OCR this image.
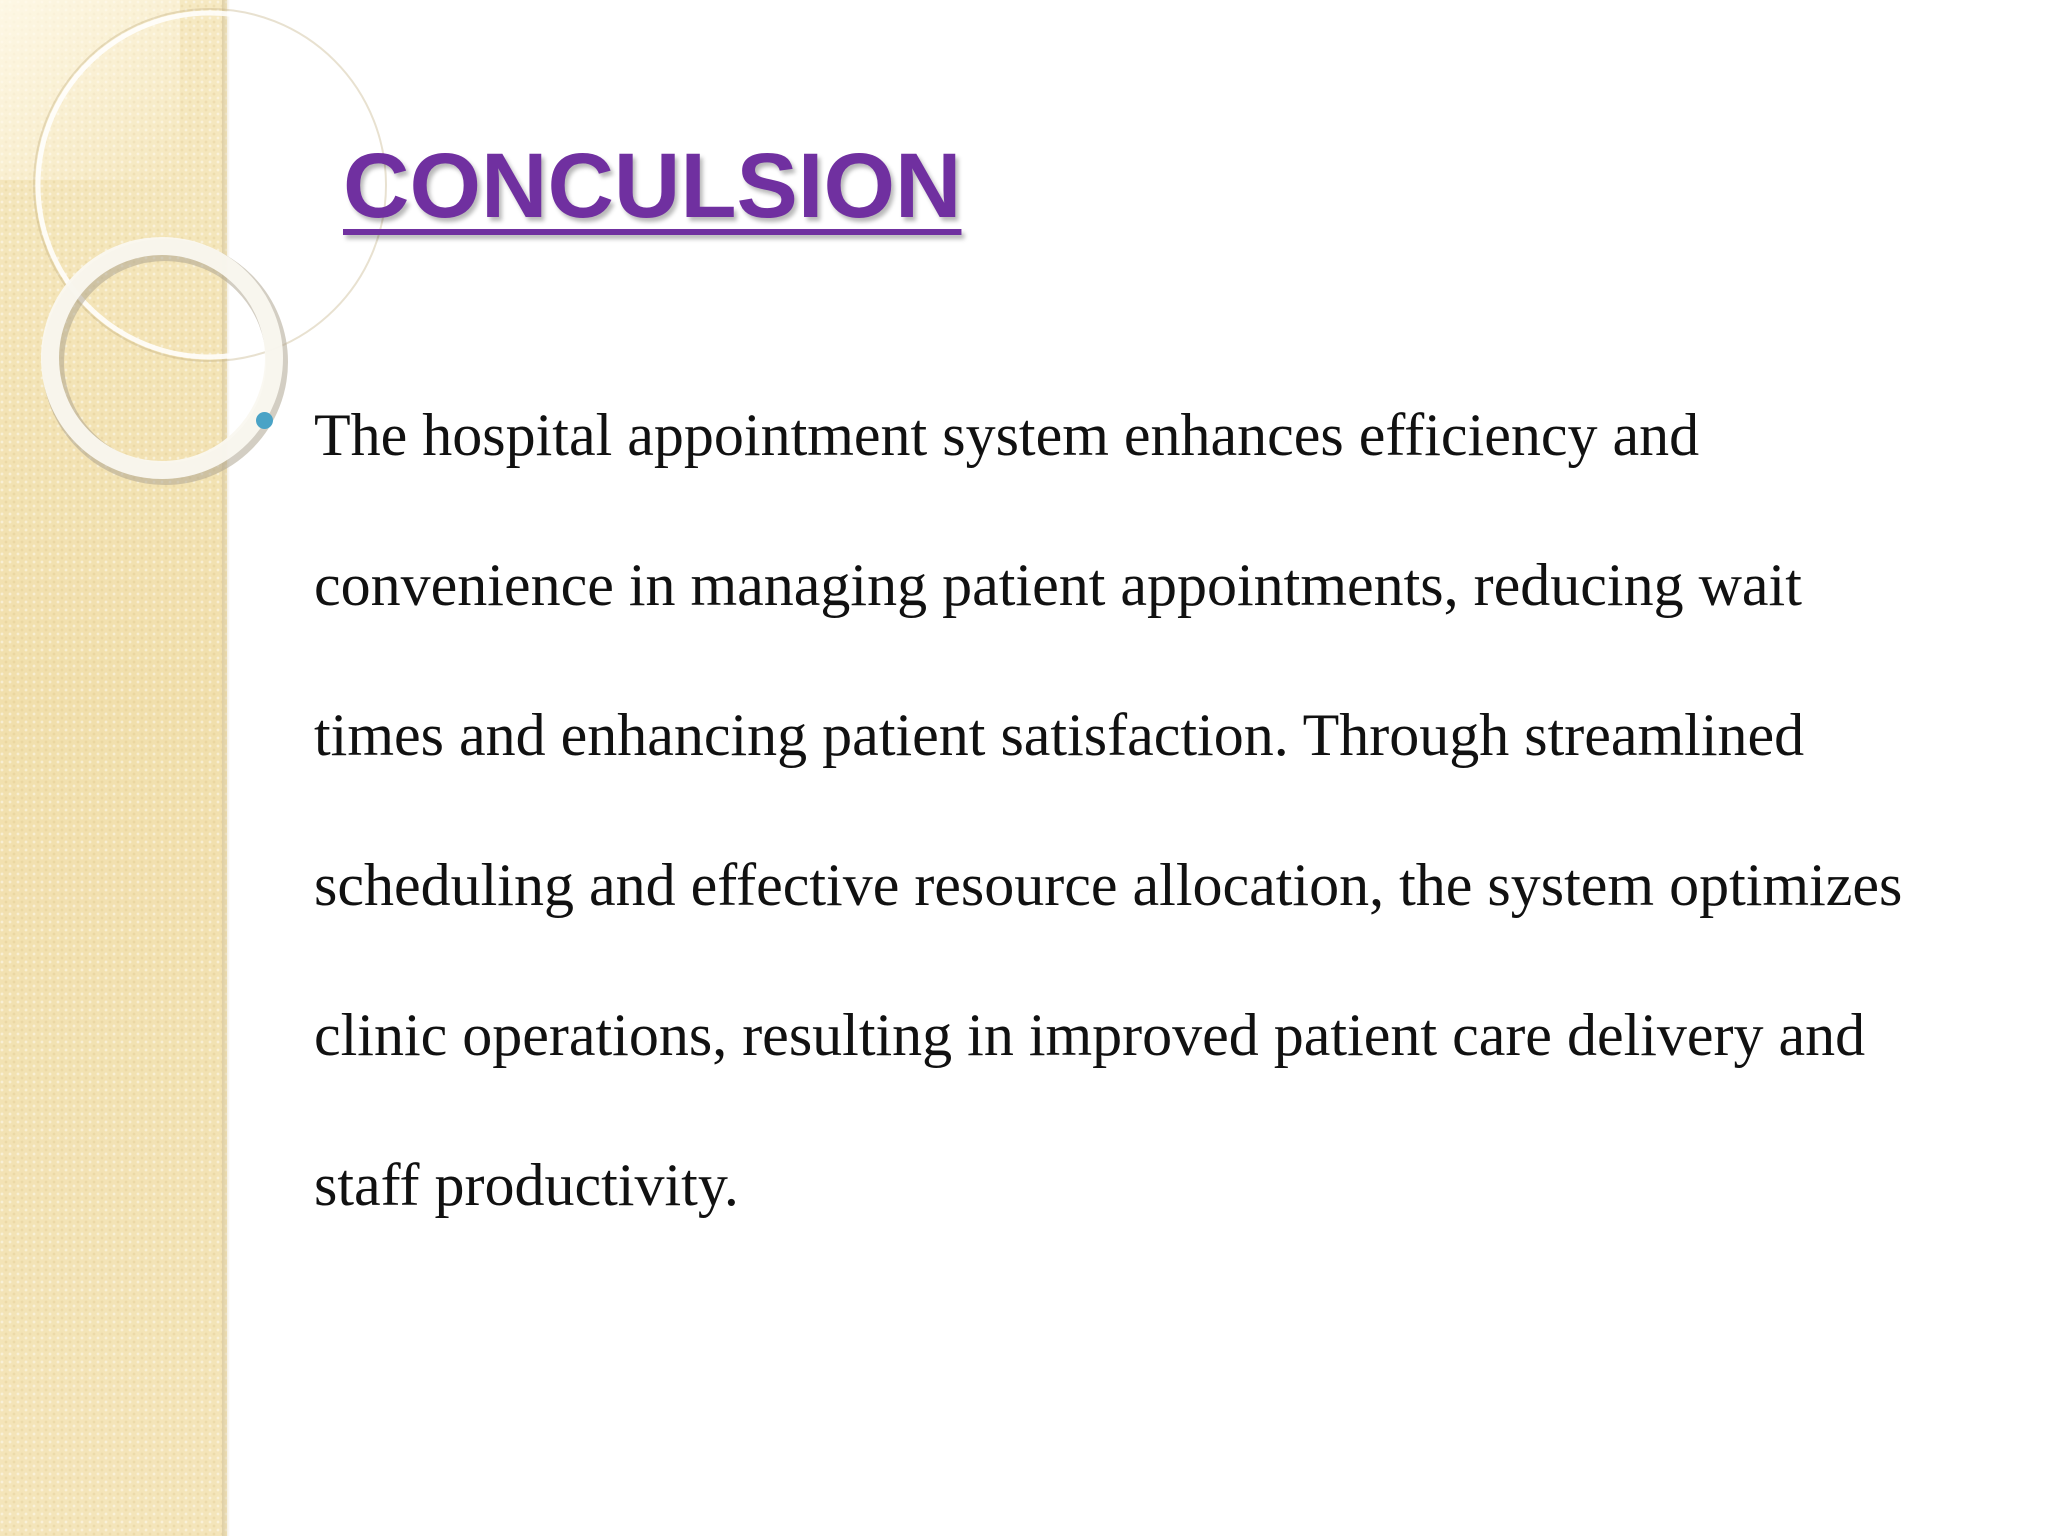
CONCULSION

The hospital appointment system enhances efficiency and convenience in managing patient appointments, reducing wait times and enhancing patient satisfaction. Through streamlined scheduling and effective resource allocation, the system optimizes clinic operations, resulting in improved patient care delivery and staff productivity.
